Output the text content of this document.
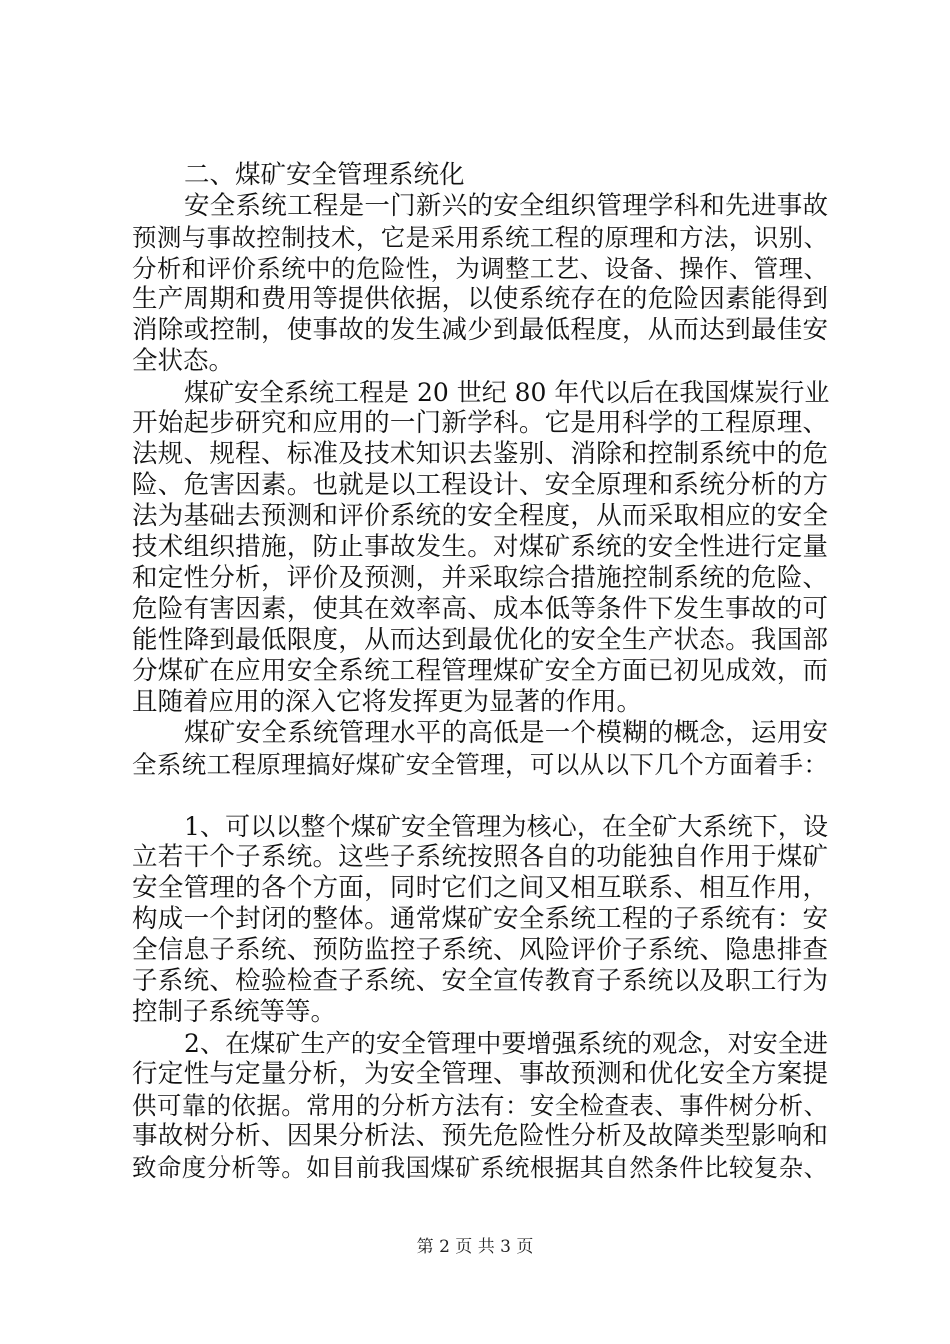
二、煤矿安全管理系统化
安全系统工程是一门新兴的安全组织管理学科和先进事故
预测与事故控制技术，它是采用系统工程的原理和方法，识别、
分析和评价系统中的危险性，为调整工艺、设备、操作、管理、
生产周期和费用等提供依据，以使系统存在的危险因素能得到
消除或控制，使事故的发生减少到最低程度，从而达到最佳安
全状态。
煤矿安全系统工程是 20 世纪 80 年代以后在我国煤炭行业
开始起步研究和应用的一门新学科。它是用科学的工程原理、
法规、规程、标准及技术知识去鉴别、消除和控制系统中的危
险、危害因素。也就是以工程设计、安全原理和系统分析的方
法为基础去预测和评价系统的安全程度，从而采取相应的安全
技术组织措施，防止事故发生。对煤矿系统的安全性进行定量
和定性分析，评价及预测，并采取综合措施控制系统的危险、
危险有害因素，使其在效率高、成本低等条件下发生事故的可
能性降到最低限度，从而达到最优化的安全生产状态。我国部
分煤矿在应用安全系统工程管理煤矿安全方面已初见成效，而
且随着应用的深入它将发挥更为显著的作用。
煤矿安全系统管理水平的高低是一个模糊的概念，运用安
全系统工程原理搞好煤矿安全管理，可以从以下几个方面着手：
1、可以以整个煤矿安全管理为核心，在全矿大系统下，设
立若干个子系统。这些子系统按照各自的功能独自作用于煤矿
安全管理的各个方面，同时它们之间又相互联系、相互作用，
构成一个封闭的整体。通常煤矿安全系统工程的子系统有：安
全信息子系统、预防监控子系统、风险评价子系统、隐患排查
子系统、检验检查子系统、安全宣传教育子系统以及职工行为
控制子系统等等。
2、在煤矿生产的安全管理中要增强系统的观念，对安全进
行定性与定量分析，为安全管理、事故预测和优化安全方案提
供可靠的依据。常用的分析方法有：安全检查表、事件树分析、
事故树分析、因果分析法、预先危险性分析及故障类型影响和
致命度分析等。如目前我国煤矿系统根据其自然条件比较复杂、
第 2 页 共 3 页
